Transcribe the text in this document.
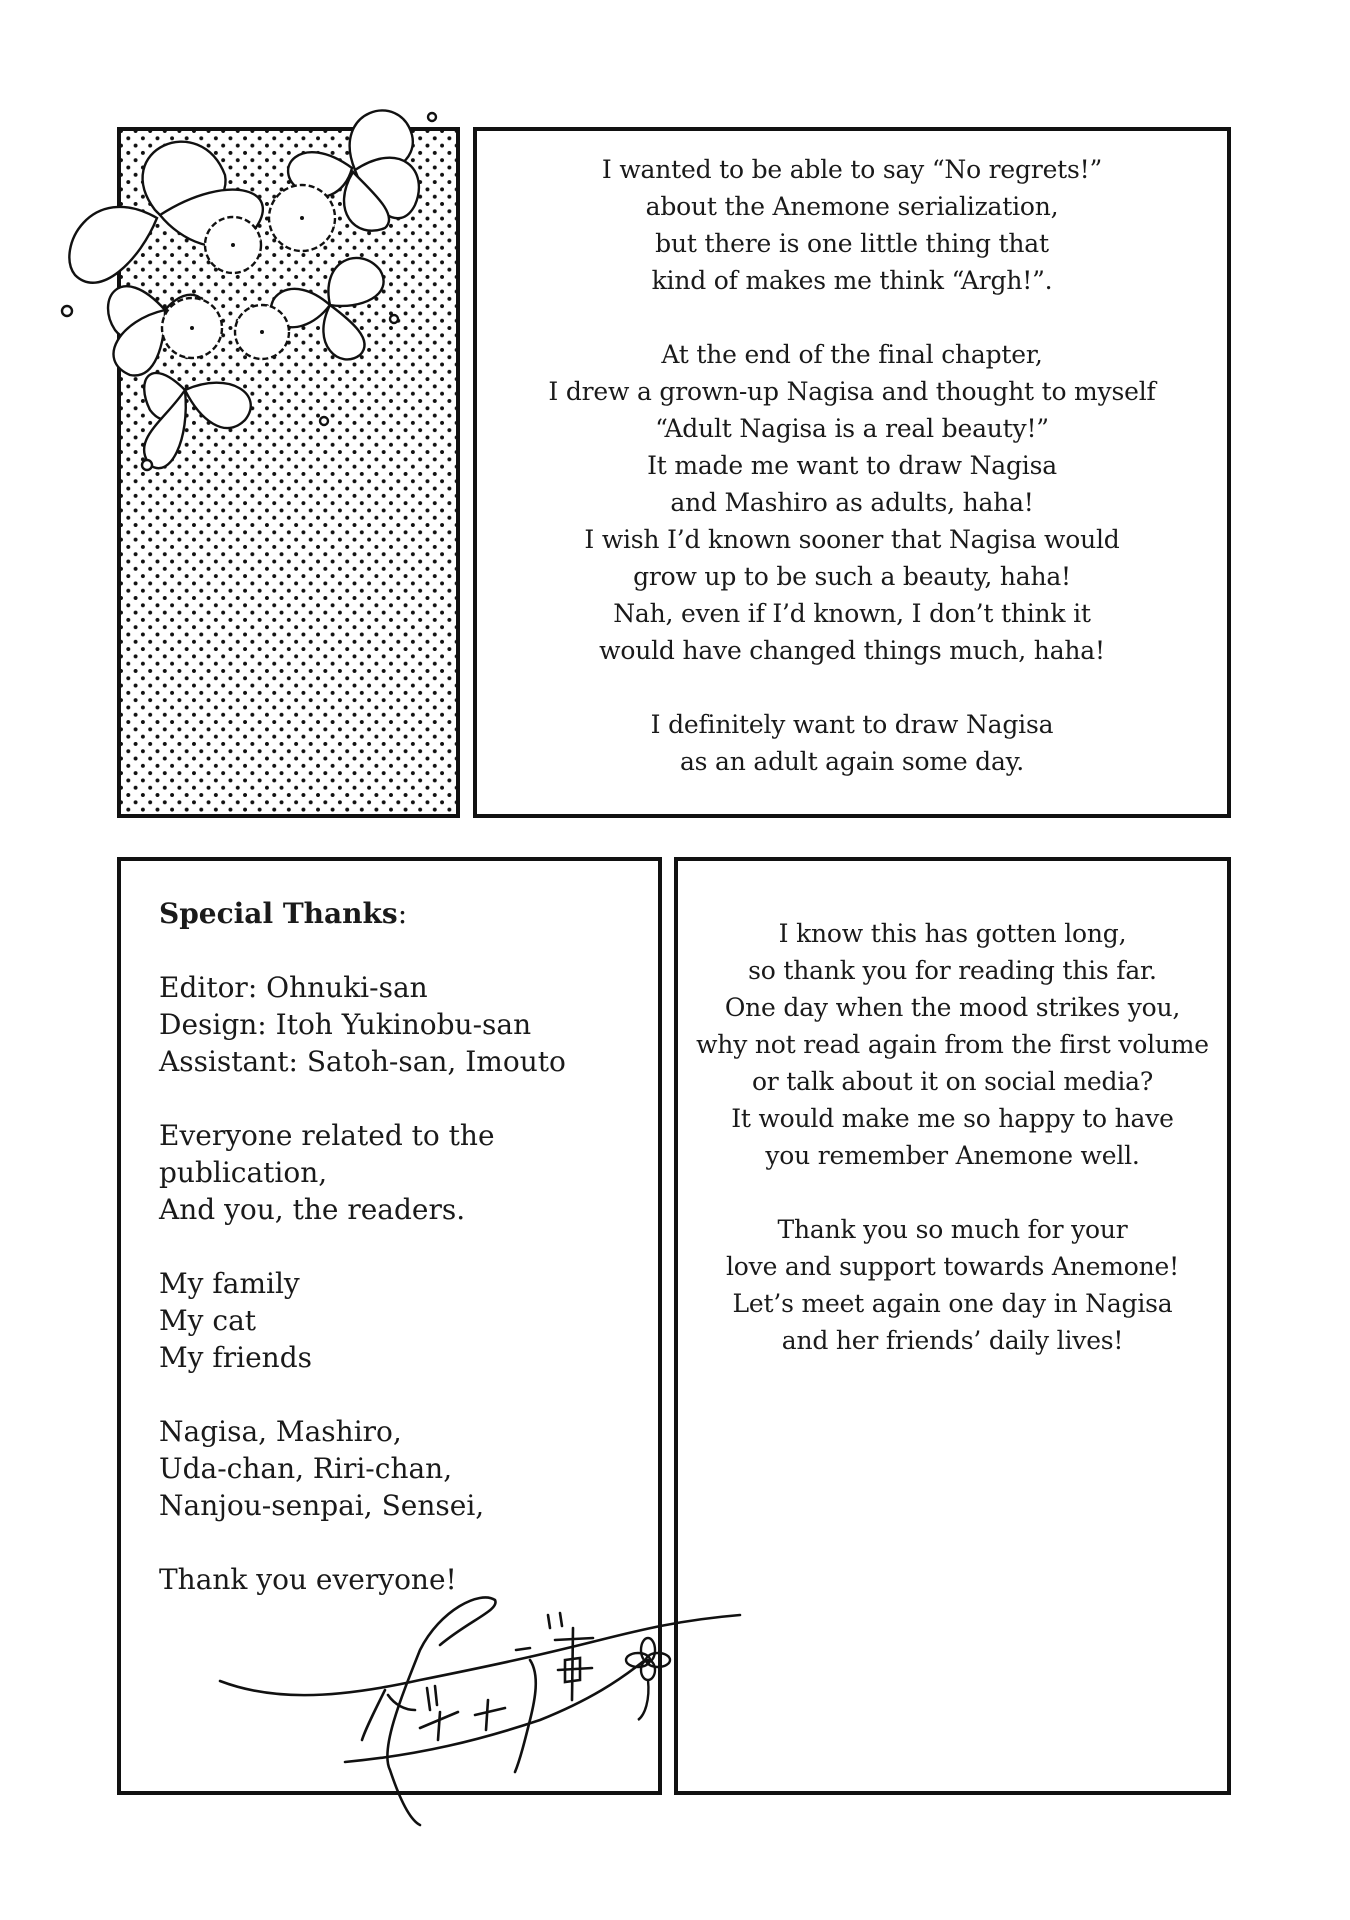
I wanted to be able to say “No regrets!”
about the Anemone serialization,
but there is one little thing that
kind of makes me think “Argh!”.

At the end of the final chapter,
I drew a grown-up Nagisa and thought to myself
“Adult Nagisa is a real beauty!”
It made me want to draw Nagisa
and Mashiro as adults, haha!
I wish I’d known sooner that Nagisa would
grow up to be such a beauty, haha!
Nah, even if I’d known, I don’t think it
would have changed things much, haha!

I definitely want to draw Nagisa
as an adult again some day.

Special Thanks:

Editor: Ohnuki-san
Design: Itoh Yukinobu-san
Assistant: Satoh-san, Imouto

Everyone related to the
publication,
And you, the readers.

My family
My cat
My friends

Nagisa, Mashiro,
Uda-chan, Riri-chan,
Nanjou-senpai, Sensei,

Thank you everyone!

I know this has gotten long,
so thank you for reading this far.
One day when the mood strikes you,
why not read again from the first volume
or talk about it on social media?
It would make me so happy to have
you remember Anemone well.

Thank you so much for your
love and support towards Anemone!
Let’s meet again one day in Nagisa
and her friends’ daily lives!
